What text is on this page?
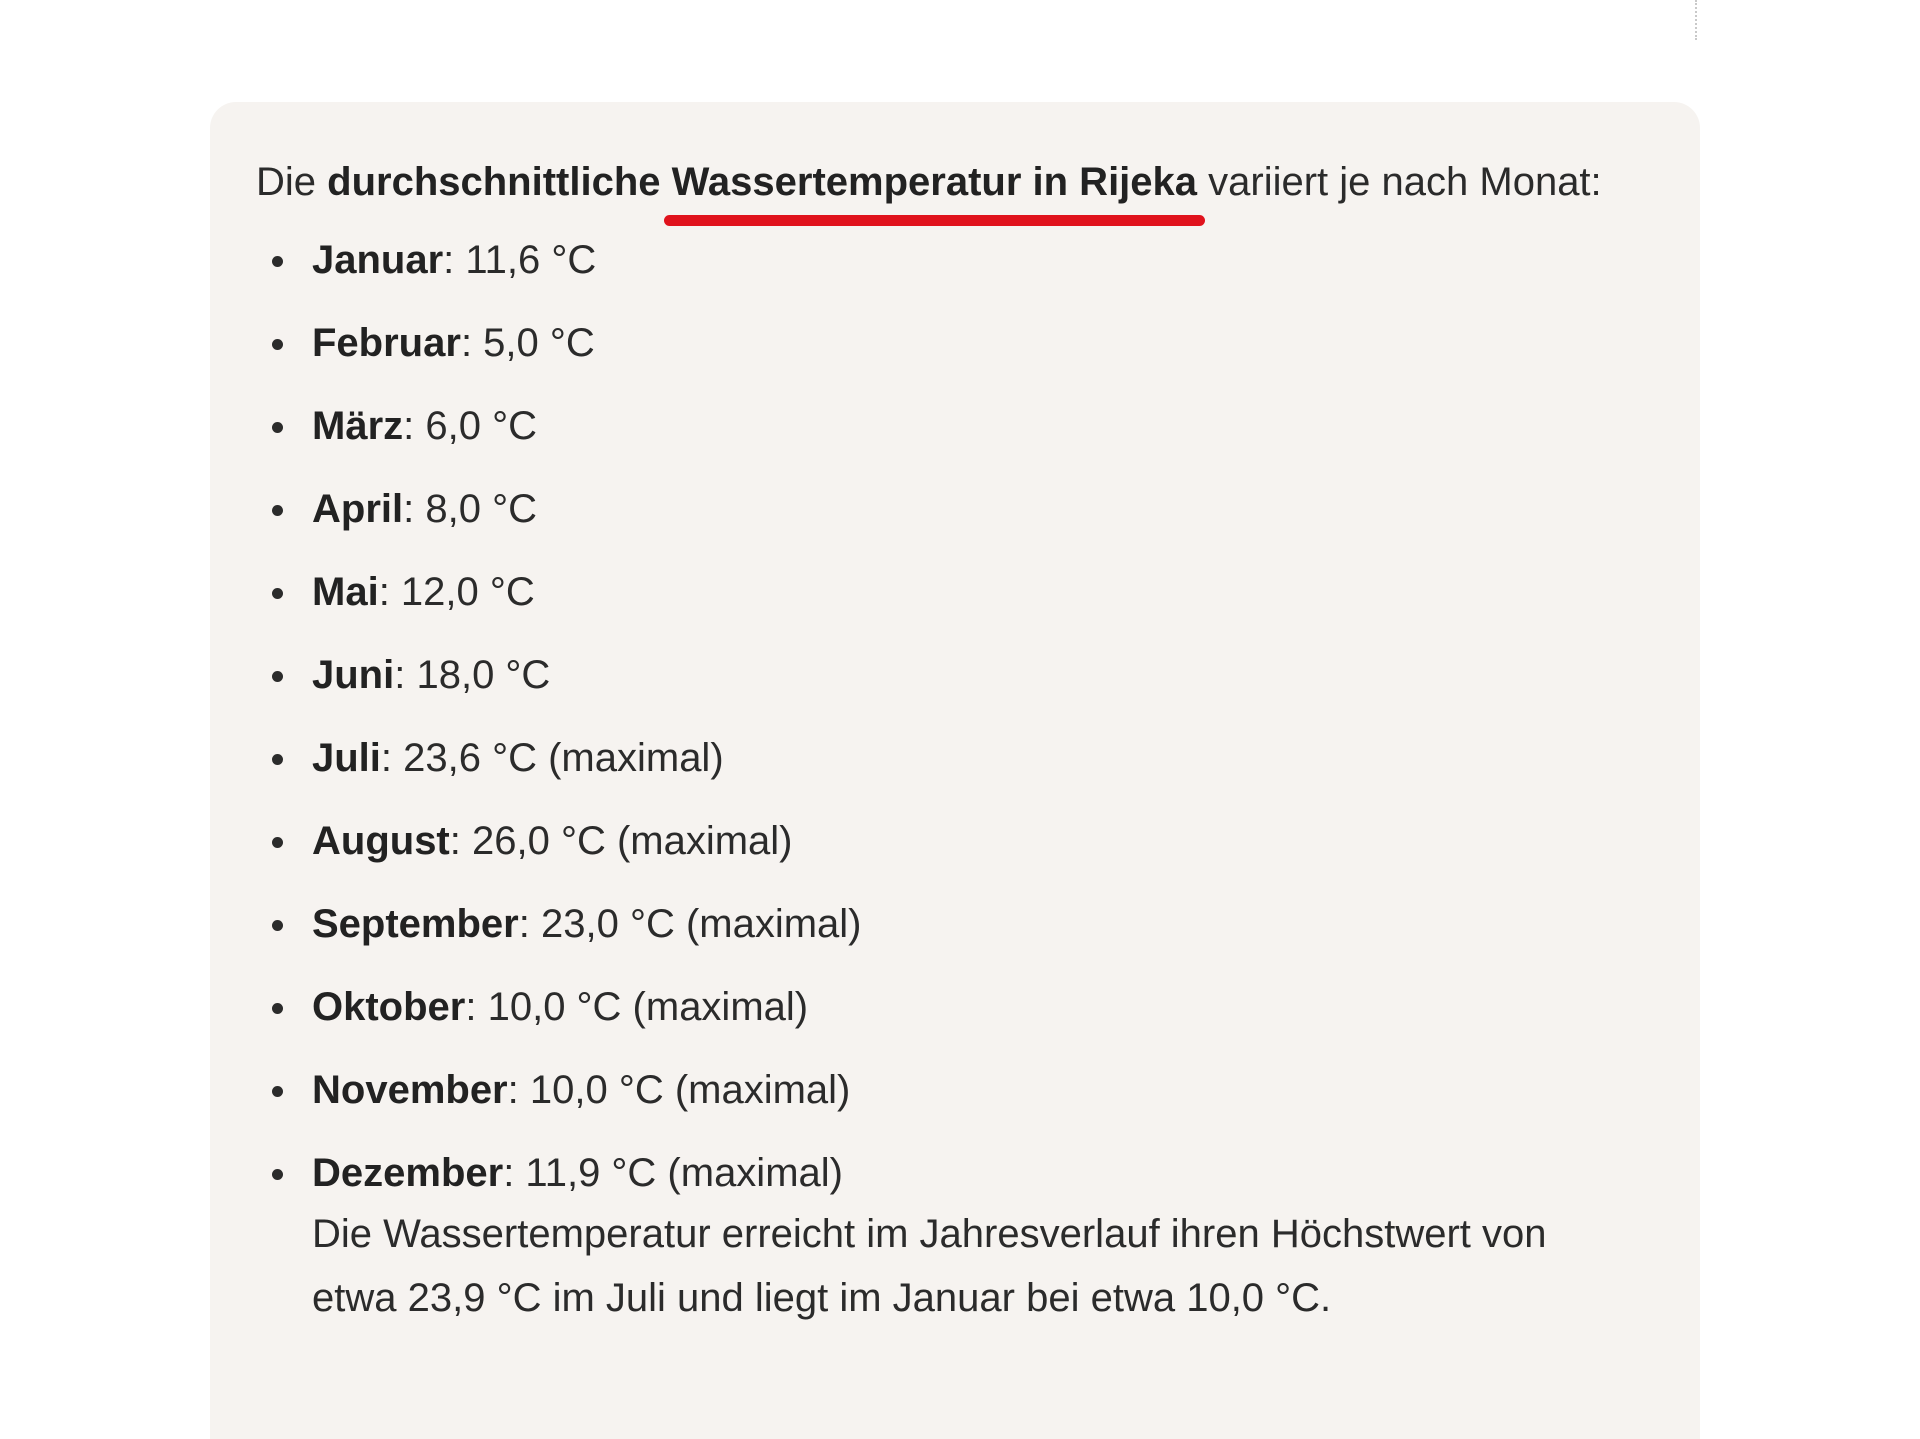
Die durchschnittliche Wassertemperatur in Rijeka
variiert je nach Monat:

Januar: 11,6 °C
Februar: 5,0 °C
März: 6,0 °C
April: 8,0 °C
Mai: 12,0 °C
Juni: 18,0 °C
Juli: 23,6 °C (maximal)
August: 26,0 °C (maximal)
September: 23,0 °C (maximal)
Oktober: 10,0 °C (maximal)
November: 10,0 °C (maximal)
Dezember: 11,9 °C (maximal)

Die Wassertemperatur erreicht im Jahresverlauf ihren Höchstwert von
etwa 23,9 °C im Juli und liegt im Januar bei etwa 10,0 °C.
